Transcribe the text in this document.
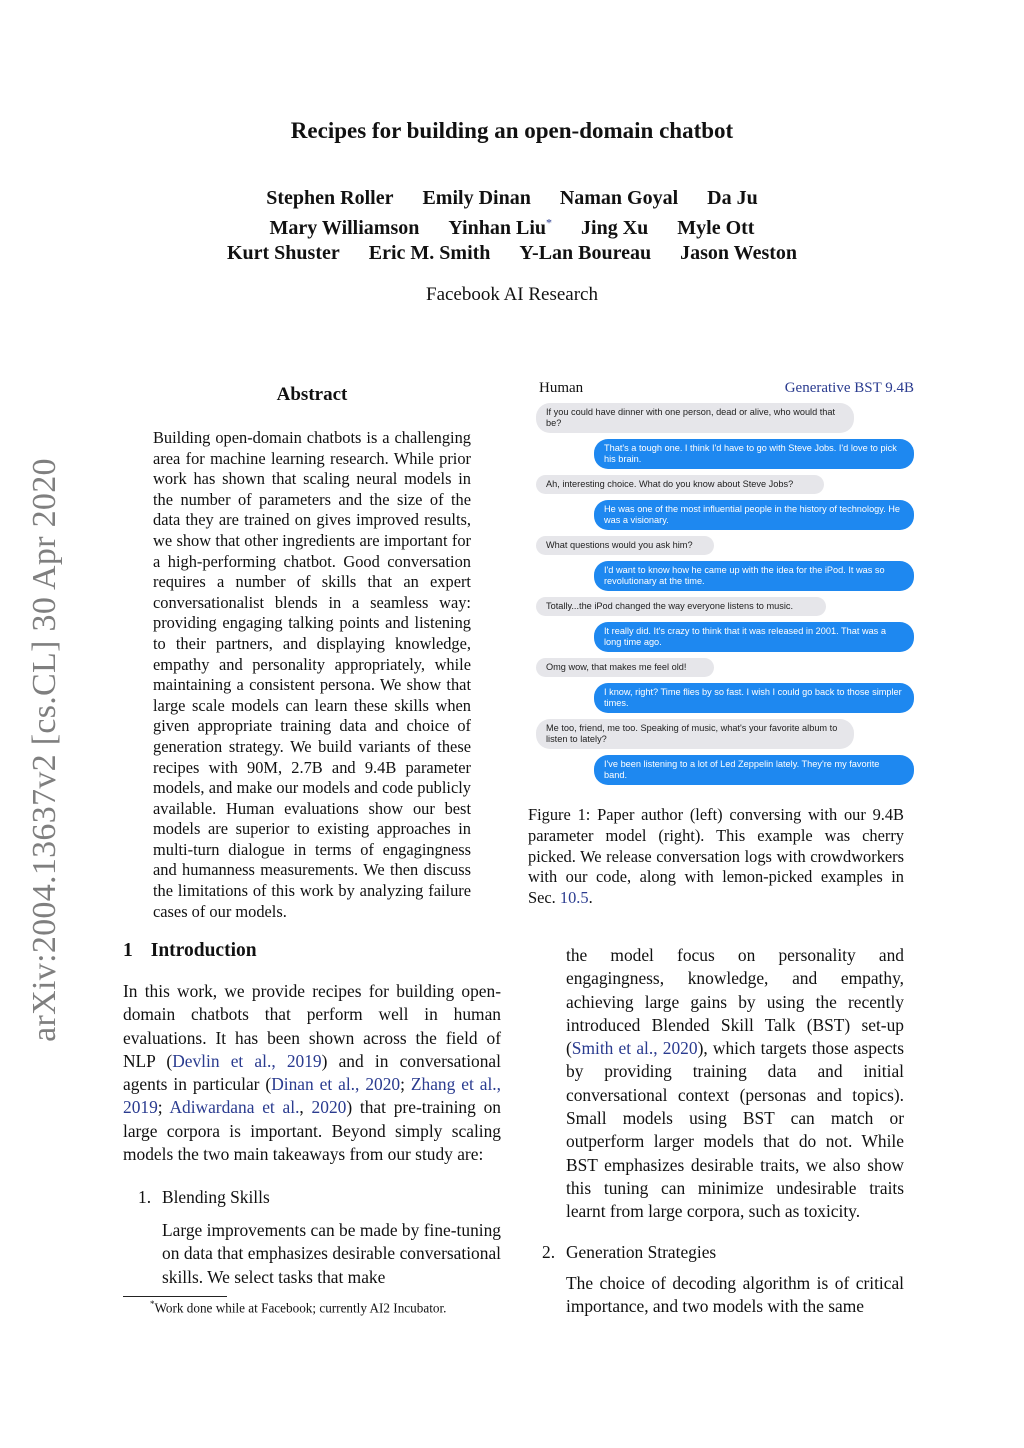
arXiv:2004.13637v2 [cs.CL] 30 Apr 2020
Recipes for building an open-domain chatbot
Stephen Roller Emily Dinan Naman Goyal Da Ju
Mary Williamson Yinhan Liu* Jing Xu Myle Ott
Kurt Shuster Eric M. Smith Y-Lan Boureau Jason Weston
Facebook AI Research
Abstract
Building open-domain chatbots is a challenging area for machine learning research. While prior work has shown that scaling neural models in the number of parameters and the size of the data they are trained on gives improved results, we show that other ingredients are important for a high-performing chatbot. Good conversation requires a number of skills that an expert conversationalist blends in a seamless way: providing engaging talking points and listening to their partners, and displaying knowledge, empathy and personality appropriately, while maintaining a consistent persona. We show that large scale models can learn these skills when given appropriate training data and choice of generation strategy. We build variants of these recipes with 90M, 2.7B and 9.4B parameter models, and make our models and code publicly available. Human evaluations show our best models are superior to existing approaches in multi-turn dialogue in terms of engagingness and humanness measurements. We then discuss the limitations of this work by analyzing failure cases of our models.
Human	Generative BST 9.4B
If you could have dinner with one person, dead or alive, who would that be?
That's a tough one. I think I'd have to go with Steve Jobs. I'd love to pick his brain.
Ah, interesting choice. What do you know about Steve Jobs?
He was one of the most influential people in the history of technology. He was a visionary.
What questions would you ask him?
I'd want to know how he came up with the idea for the iPod. It was so revolutionary at the time.
Totally...the iPod changed the way everyone listens to music.
It really did. It's crazy to think that it was released in 2001. That was a long time ago.
Omg wow, that makes me feel old!
I know, right? Time flies by so fast. I wish I could go back to those simpler times.
Me too, friend, me too. Speaking of music, what's your favorite album to listen to lately?
I've been listening to a lot of Led Zeppelin lately. They're my favorite band.
Figure 1: Paper author (left) conversing with our 9.4B parameter model (right). This example was cherry picked. We release conversation logs with crowdworkers with our code, along with lemon-picked examples in Sec. 10.5.
1 Introduction
In this work, we provide recipes for building open-domain chatbots that perform well in human evaluations. It has been shown across the field of NLP (Devlin et al., 2019) and in conversational agents in particular (Dinan et al., 2020; Zhang et al., 2019; Adiwardana et al., 2020) that pre-training on large corpora is important. Beyond simply scaling models the two main takeaways from our study are:
1. Blending Skills
Large improvements can be made by fine-tuning on data that emphasizes desirable conversational skills. We select tasks that make
the model focus on personality and engagingness, knowledge, and empathy, achieving large gains by using the recently introduced Blended Skill Talk (BST) set-up (Smith et al., 2020), which targets those aspects by providing training data and initial conversational context (personas and topics). Small models using BST can match or outperform larger models that do not. While BST emphasizes desirable traits, we also show this tuning can minimize undesirable traits learnt from large corpora, such as toxicity.
2. Generation Strategies
The choice of decoding algorithm is of critical importance, and two models with the same
*Work done while at Facebook; currently AI2 Incubator.
